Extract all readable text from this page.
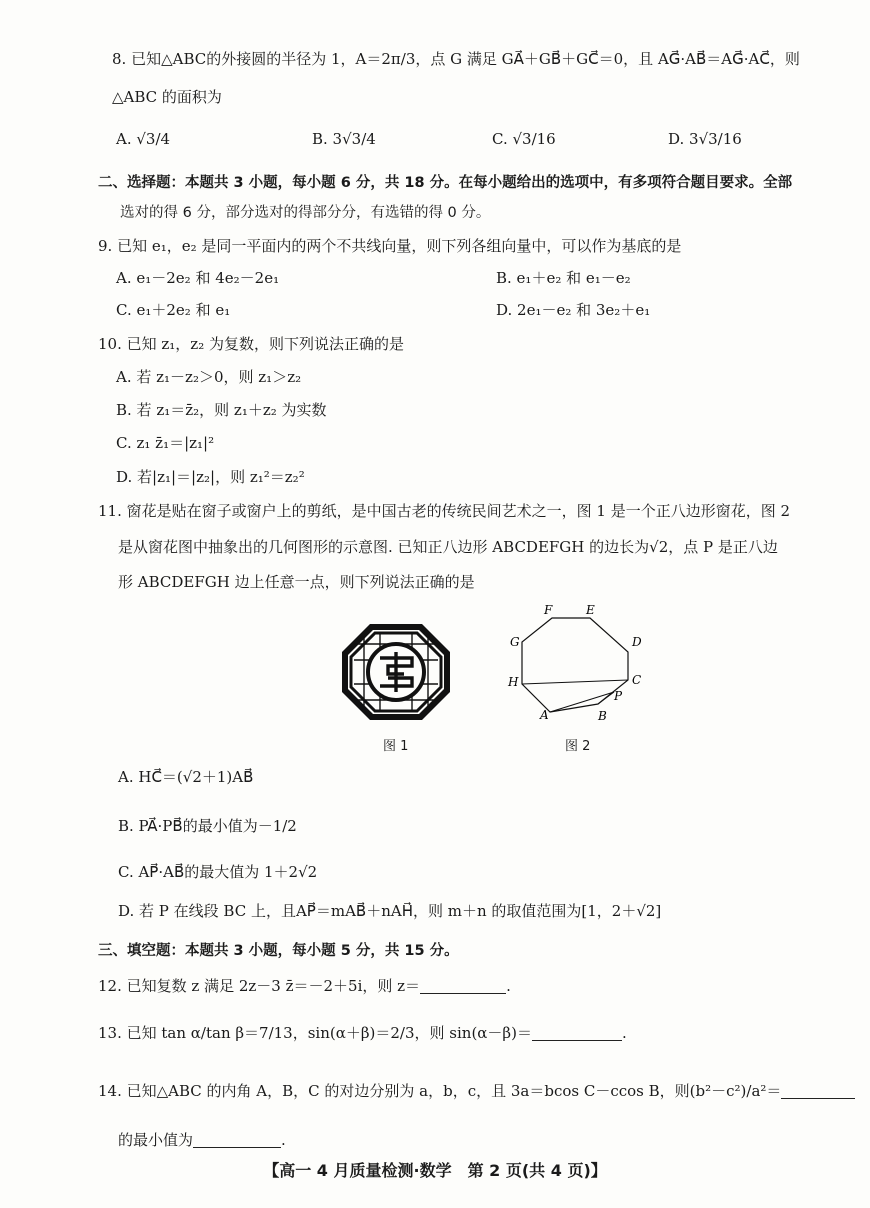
8. 已知△ABC的外接圆的半径为 1，A＝2π/3，点 G 满足 GA⃗＋GB⃗＋GC⃗＝0，且 AG⃗·AB⃗＝AG⃗·AC⃗，则
△ABC 的面积为
A. √3/4	B. 3√3/4	C. √3/16	D. 3√3/16
二、选择题：本题共 3 小题，每小题 6 分，共 18 分。在每小题给出的选项中，有多项符合题目要求。全部
选对的得 6 分，部分选对的得部分分，有选错的得 0 分。
9. 已知 e₁，e₂ 是同一平面内的两个不共线向量，则下列各组向量中，可以作为基底的是
A. e₁－2e₂ 和 4e₂－2e₁	B. e₁＋e₂ 和 e₁－e₂
C. e₁＋2e₂ 和 e₁	D. 2e₁－e₂ 和 3e₂＋e₁
10. 已知 z₁，z₂ 为复数，则下列说法正确的是
A. 若 z₁－z₂＞0，则 z₁＞z₂
B. 若 z₁＝z̄₂，则 z₁＋z₂ 为实数
C. z₁ z̄₁＝|z₁|²
D. 若|z₁|＝|z₂|，则 z₁²＝z₂²
11. 窗花是贴在窗子或窗户上的剪纸，是中国古老的传统民间艺术之一，图 1 是一个正八边形窗花，图 2
是从窗花图中抽象出的几何图形的示意图. 已知正八边形 ABCDEFGH 的边长为√2，点 P 是正八边
形 ABCDEFGH 边上任意一点，则下列说法正确的是
图 1
A	B
C
D
E
F
G
H
P
图 2
A. HC⃗＝(√2＋1)AB⃗
B. PA⃗·PB⃗的最小值为－1/2
C. AP⃗·AB⃗的最大值为 1＋2√2
D. 若 P 在线段 BC 上，且AP⃗＝mAB⃗＋nAH⃗，则 m＋n 的取值范围为[1，2＋√2]
三、填空题：本题共 3 小题，每小题 5 分，共 15 分。
12. 已知复数 z 满足 2z－3 z̄＝－2＋5i，则 z＝	.
13. 已知 tan α/tan β＝7/13，sin(α＋β)＝2/3，则 sin(α－β)＝	.
14. 已知△ABC 的内角 A，B，C 的对边分别为 a，b，c，且 3a＝bcos C－ccos B，则(b²－c²)/a²＝
的最小值为	.
【高一 4 月质量检测·数学　第 2 页(共 4 页)】
